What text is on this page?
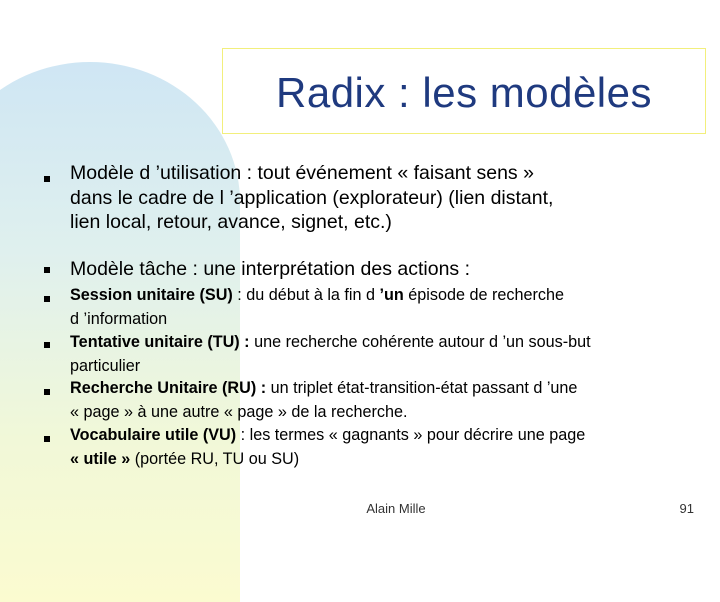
Radix : les modèles
Modèle d ’utilisation : tout événement « faisant sens »
dans le cadre de l ’application (explorateur) (lien distant,
lien local, retour, avance, signet, etc.)
Modèle tâche : une interprétation des actions :
Session unitaire (SU) : du début à la fin d ’un épisode de recherche
d ’information
Tentative unitaire (TU) : une recherche cohérente autour d ’un sous-but
particulier
Recherche Unitaire (RU) : un triplet état-transition-état passant d ’une
« page » à une autre « page » de la recherche.
Vocabulaire utile (VU) : les termes « gagnants » pour décrire une page
« utile » (portée RU, TU ou SU)
Alain Mille	91
